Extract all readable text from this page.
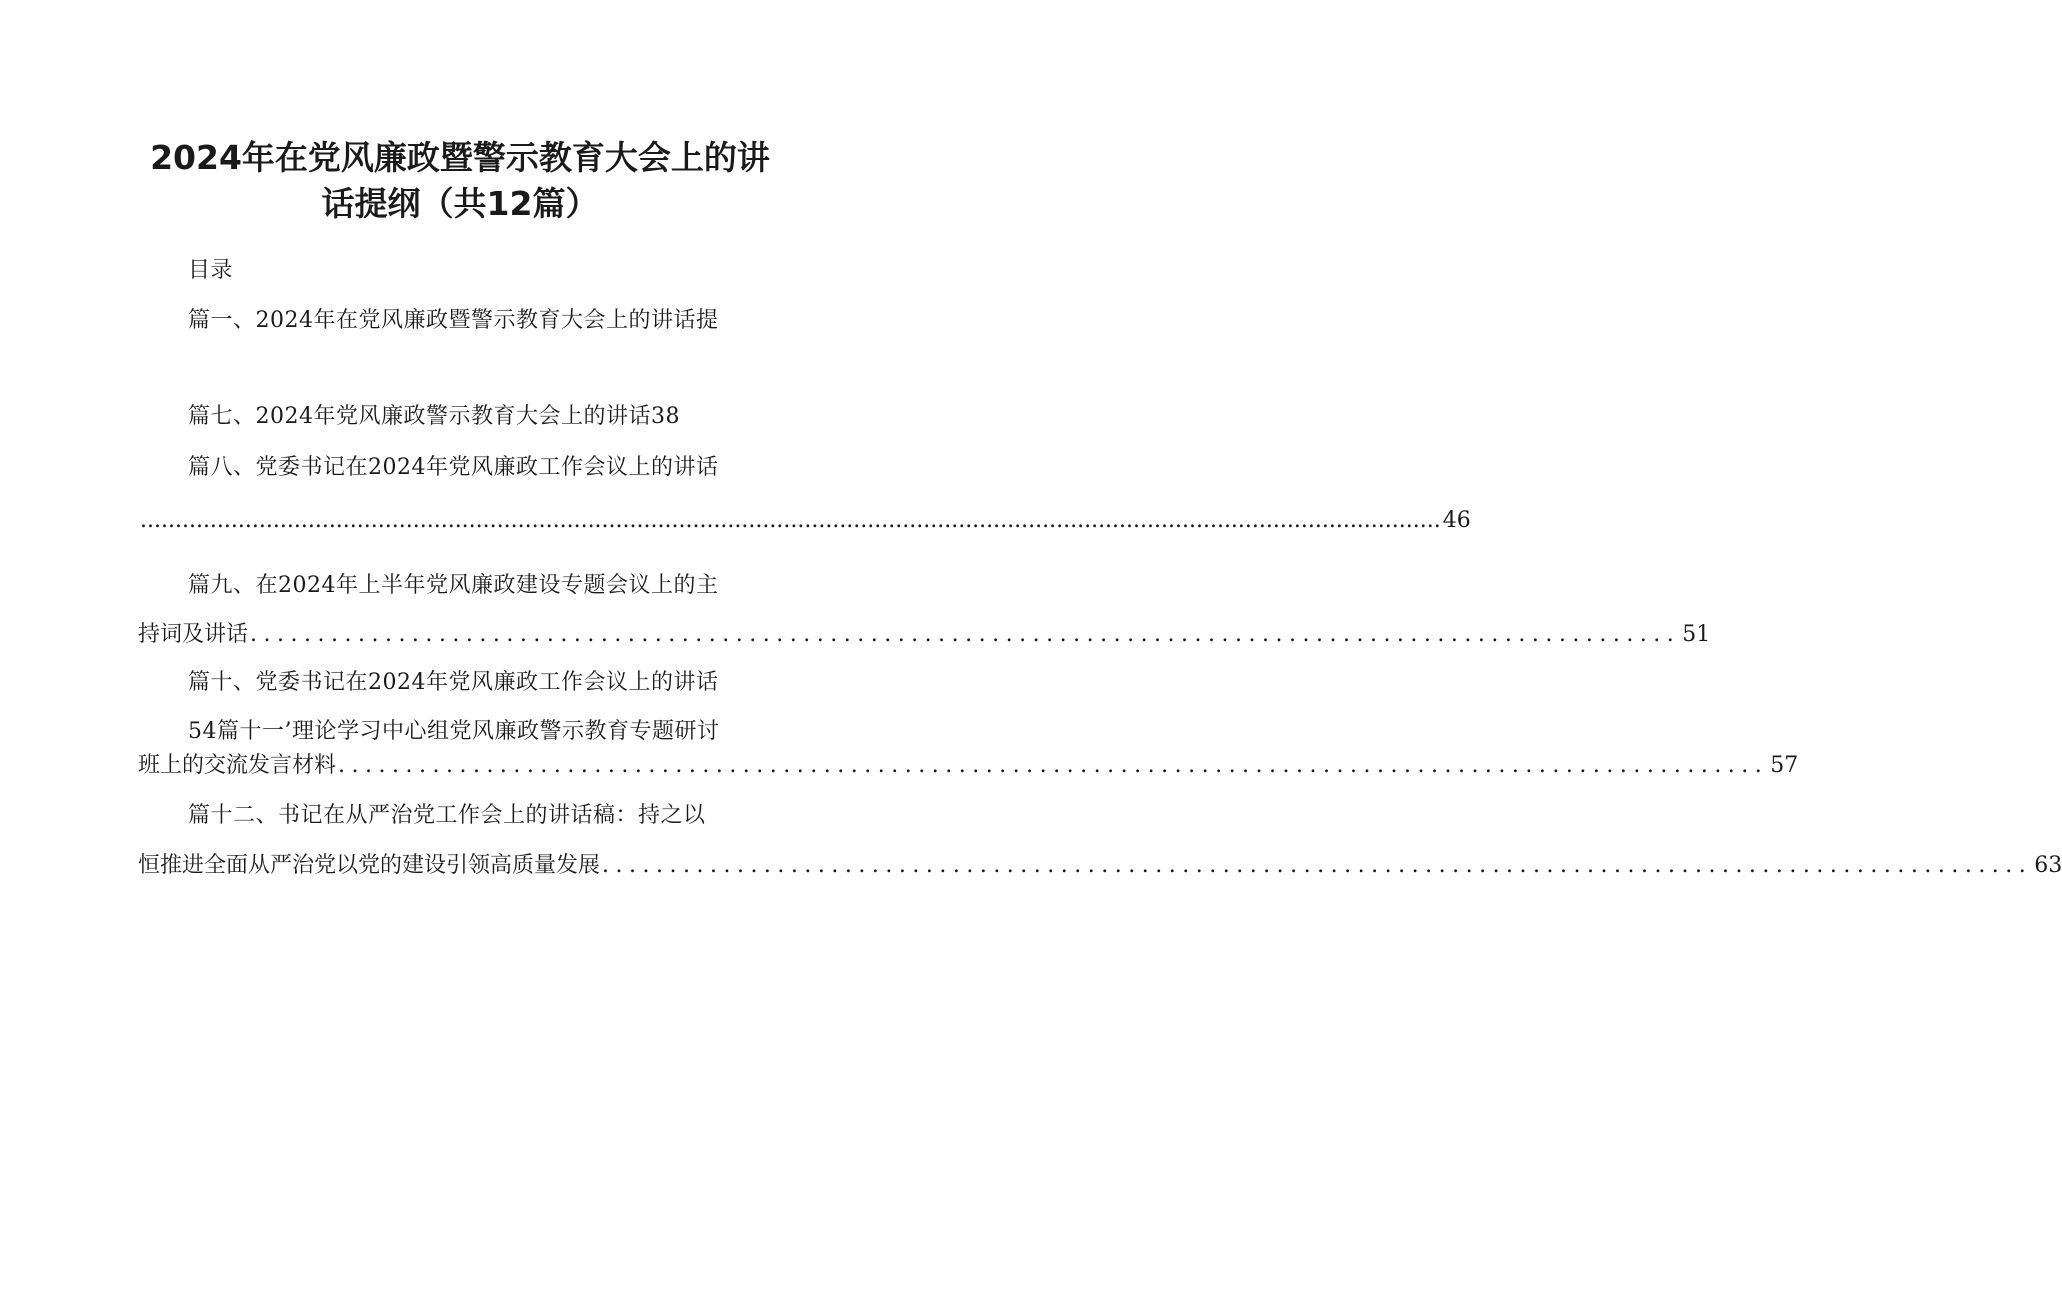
2024年在党风廉政暨警示教育大会上的讲
话提纲（共12篇）
目录
篇一、2024年在党风廉政暨警示教育大会上的讲话提
篇七、2024年党风廉政警示教育大会上的讲话38
篇八、党委书记在2024年党风廉政工作会议上的讲话
.......................................................................................................................................................................................... 46
篇九、在2024年上半年党风廉政建设专题会议上的主
持词及讲话 .......................................................................................................... 51
篇十、党委书记在2024年党风廉政工作会议上的讲话
54篇十一’理论学习中心组党风廉政警示教育专题研讨
班上的交流发言材料 .......................................................................................................... 57
篇十二、书记在从严治党工作会上的讲话稿：持之以
恒推进全面从严治党以党的建设引领高质量发展 .......................................................................................................... 63
